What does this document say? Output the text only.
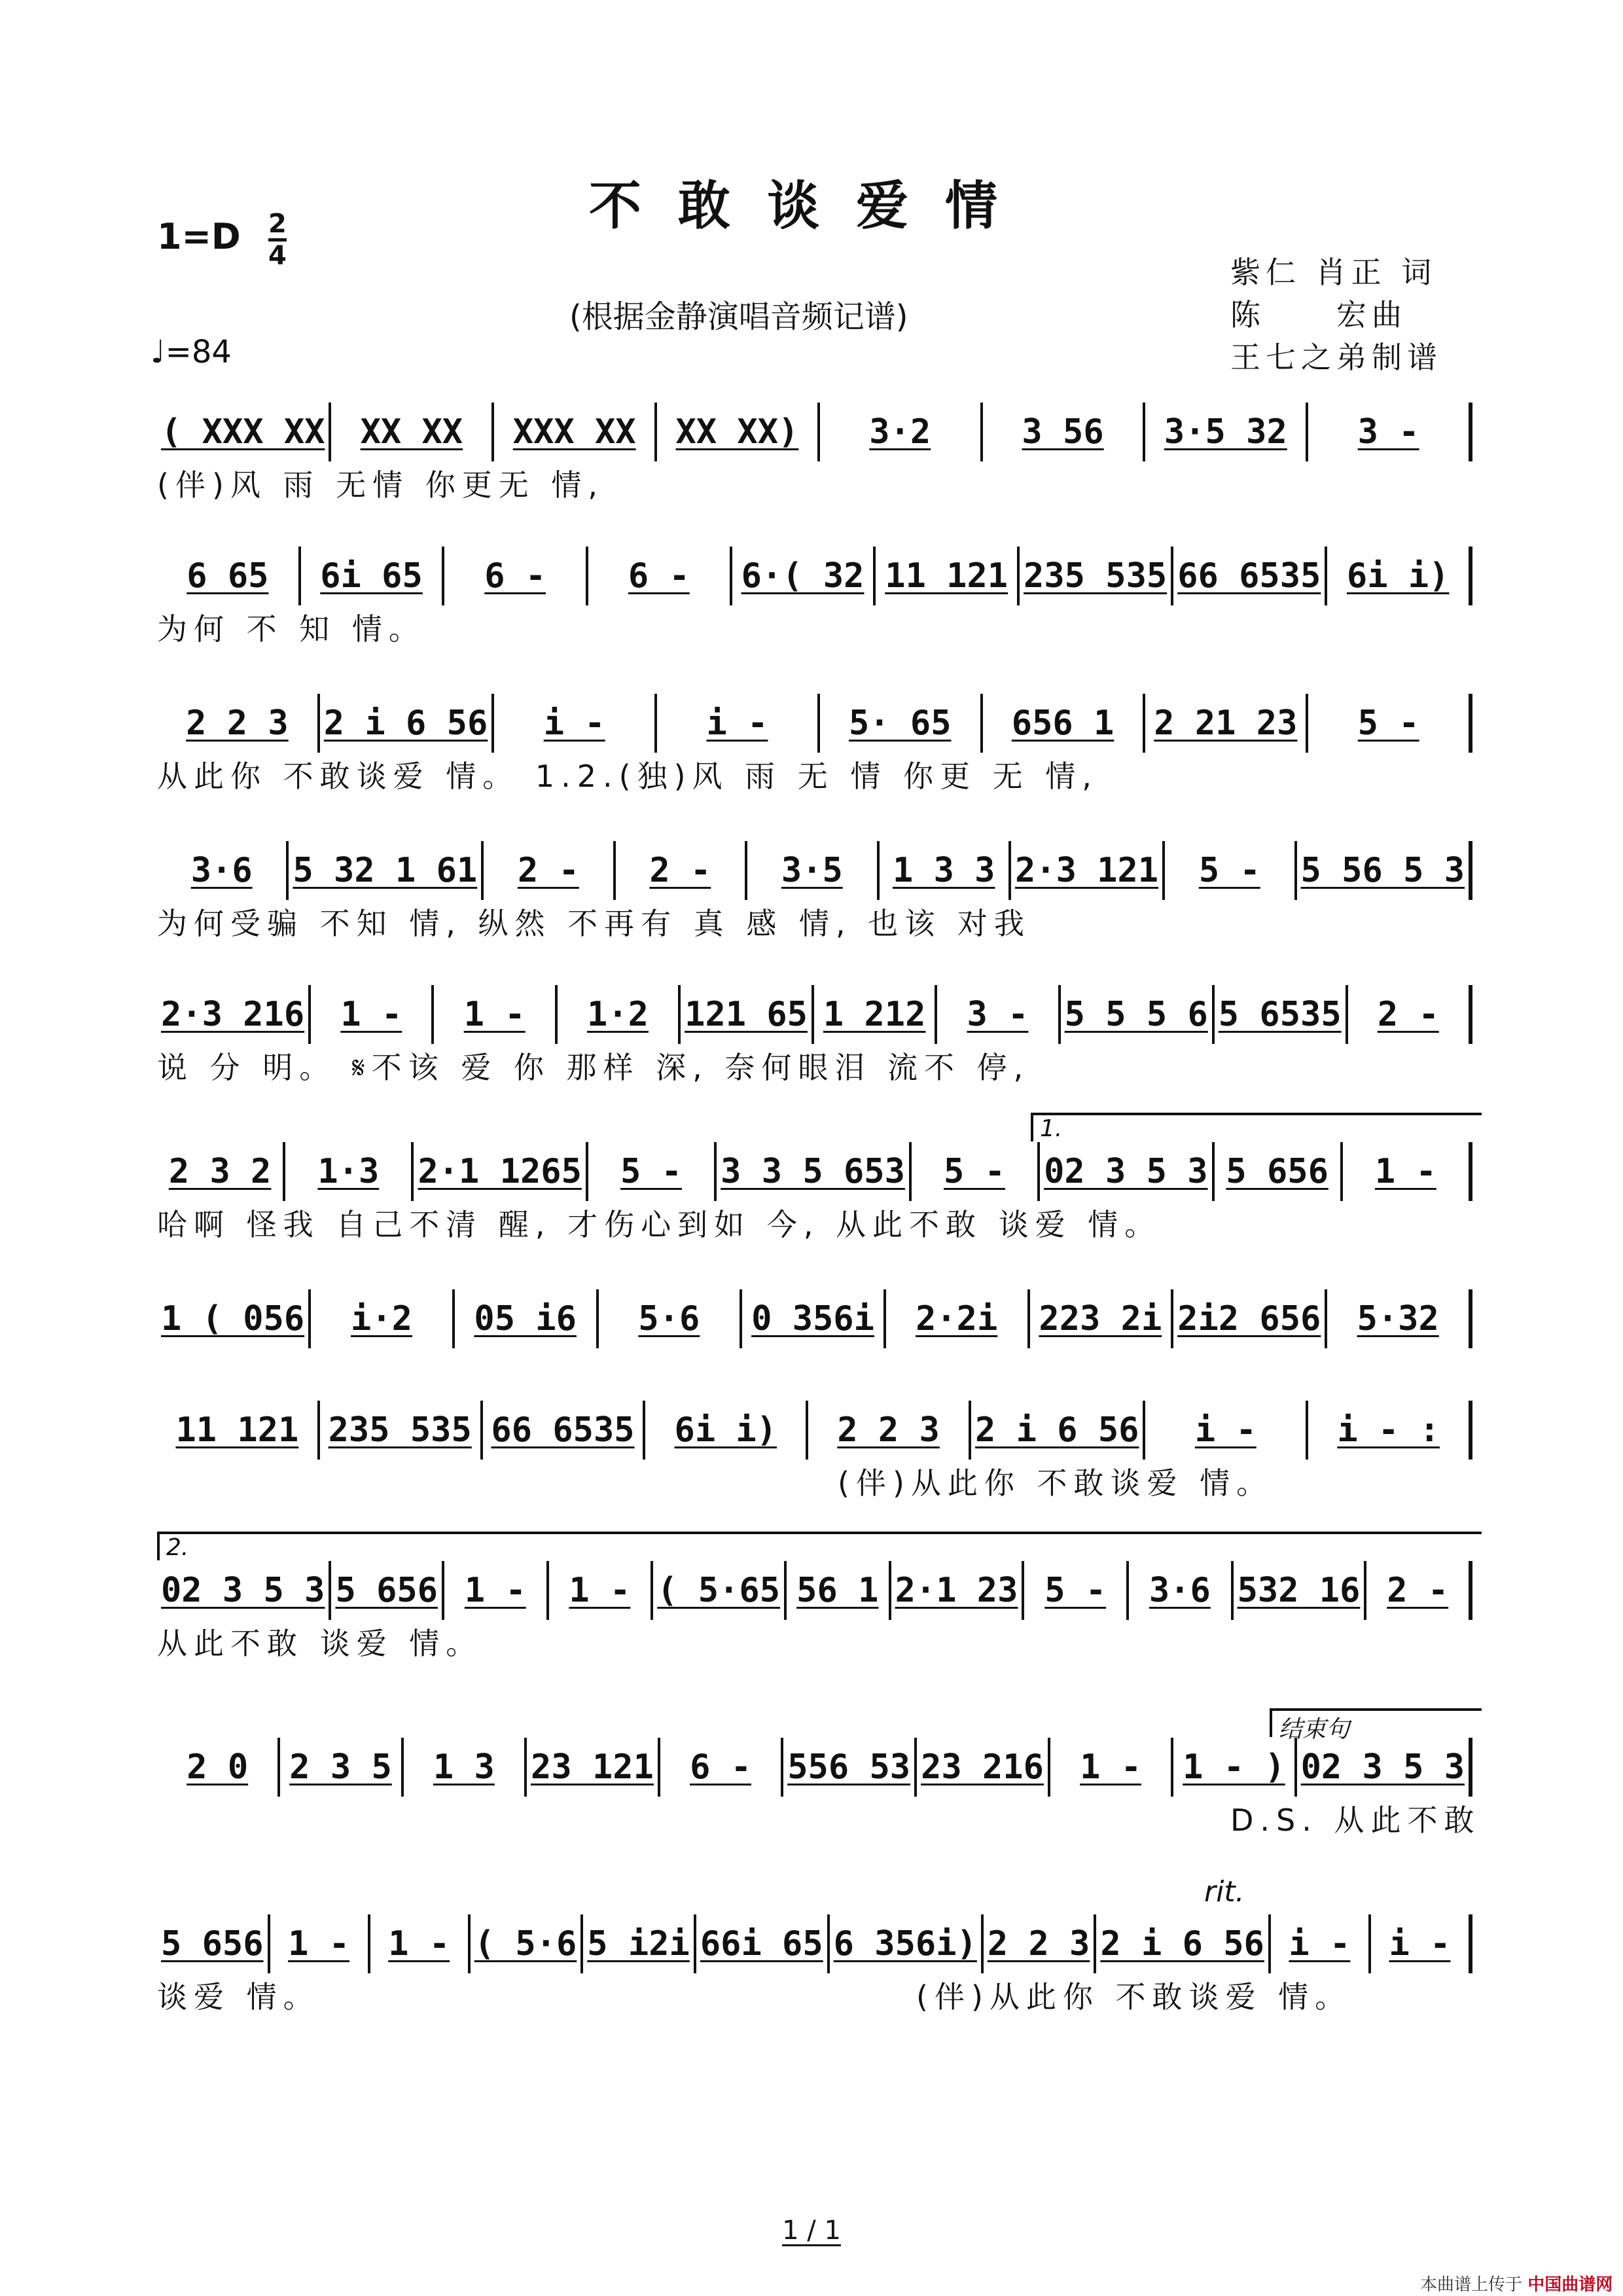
不敢谈爱情
1=D 2
4
(根据金静演唱音频记谱)
♩=84
紫仁 肖正 词
陈　　宏曲
王七之弟制谱
( XXX XX XX XX XXX XX XX XX) 3·2	3 56 3·5 32 3 -
(伴)风 雨 无情 你更无 情,
6 65 6i 65 6 - 6 - 6·( 32 11 121 235 535 66 6535 6i i)
为何 不 知 情。
2 2 3 2 i 6 56 i -	i - 5· 65 656 1 2 21 23 5 -
从此你 不敢谈爱 情。 1.2.(独)风 雨 无 情 你更 无 情,
3·6 5 32 1 61 2 - 2 - 3·5 1 3 3 2·3 121 5 - 5 56 5 3
为何受骗 不知 情, 纵然 不再有 真 感 情, 也该 对我
2·3 216 1 - 1 - 1·2 121 65 1 212 3 - 5 5 5 6 5 6535 2 -
说 分 明。 𝄋不该 爱 你 那样 深, 奈何眼泪 流不 停,
1.
2 3 2 1·3 2·1 1265 5 - 3 3 5 653 5 - 02 3 5 3 5 656 1 -
哈啊 怪我 自己不清 醒, 才伤心到如 今, 从此不敢 谈爱 情。
1 ( 056 i·2 05 i6 5·6 0 356i 2·2i 223 2i 2i2 656 5·32
11 121 235 535 66 6535 6i i) 2 2 3 2 i 6 56 i - i - :
(伴)从此你 不敢谈爱 情。
2.
02 3 5 3 5 656 1 - 1 - ( 5·65 56 1 2·1 23 5 - 3·6 532 16 2 -
从此不敢 谈爱 情。
结束句
2 0 2 3 5 1 3 23 121 6 - 556 53 23 216 1 - 1 - ) 02 3 5 3
D.S. 从此不敢
rit.
5 656 1 - 1 - ( 5·6 5 i2i 66i 65 6 356i) 2 2 3 2 i 6 56 i - i -
谈爱 情。	(伴)从此你 不敢谈爱 情。
1 / 1
本曲谱上传于 中国曲谱网
